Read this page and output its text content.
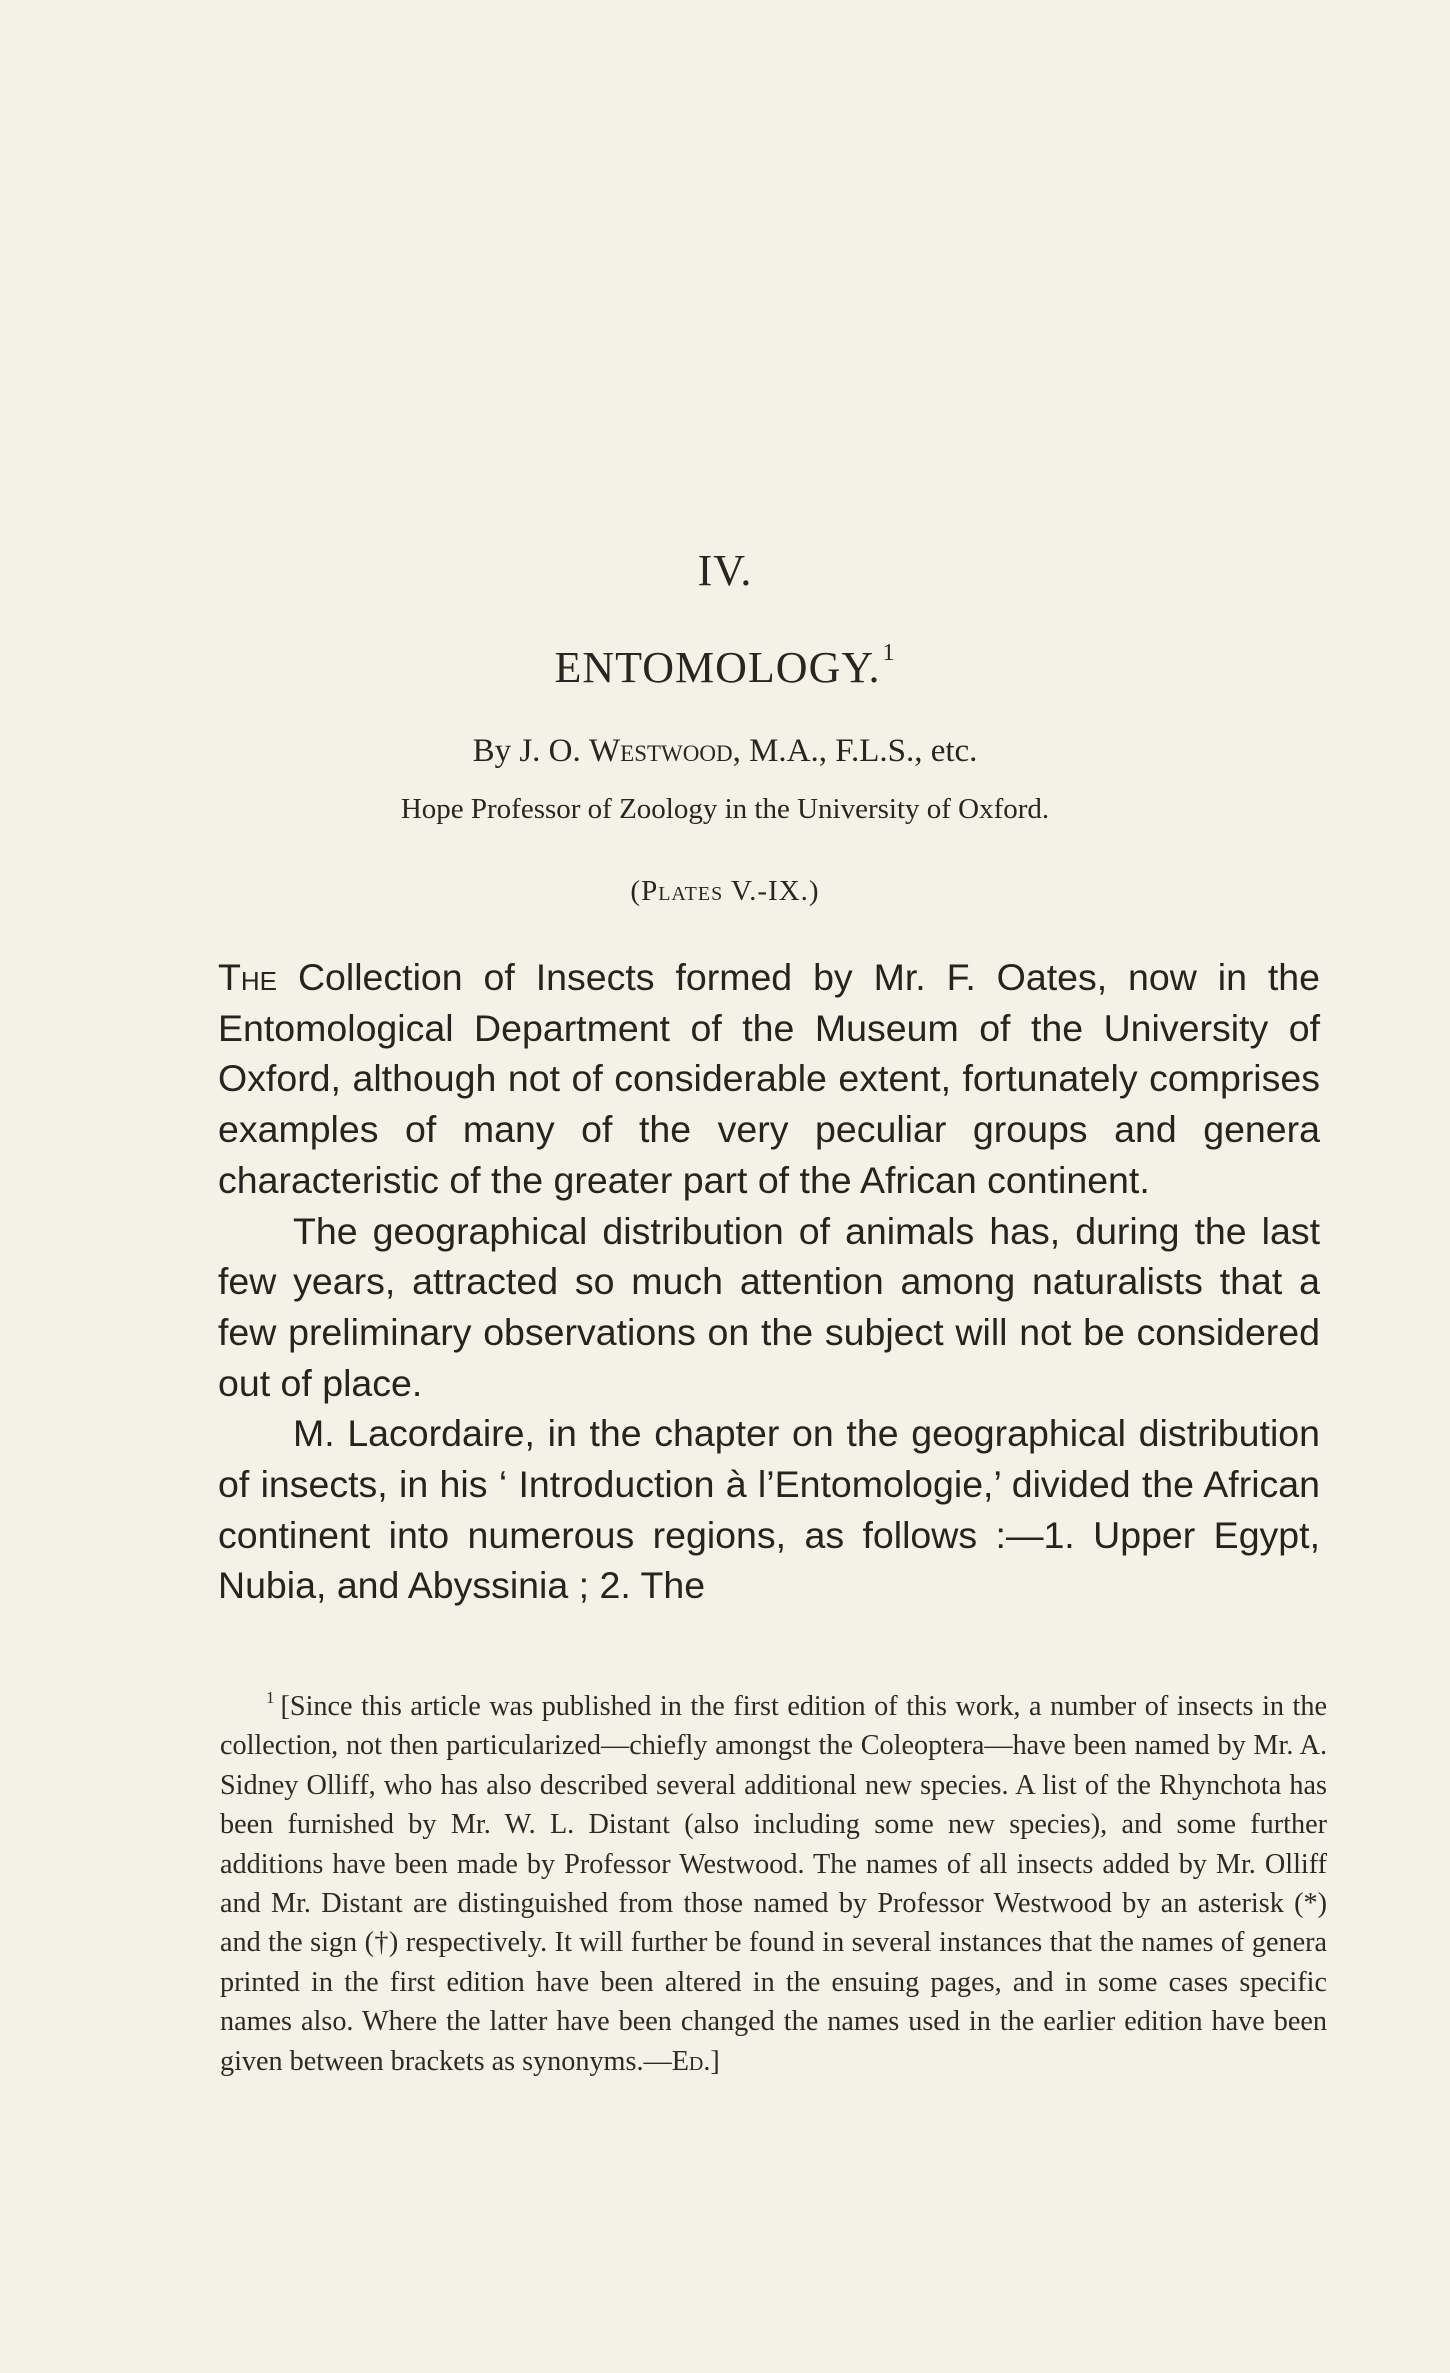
IV.
ENTOMOLOGY.$^1$
By J. O. Westwood, M.A., F.L.S., etc.
Hope Professor of Zoology in the University of Oxford.
(Plates V.-IX.)

The Collection of Insects formed by Mr. F. Oates, now in the Entomological Department of the Museum of the University of Oxford, although not of considerable extent, fortunately comprises examples of many of the very peculiar groups and genera characteristic of the greater part of the African continent.

The geographical distribution of animals has, during the last few years, attracted so much attention among naturalists that a few preliminary observations on the subject will not be considered out of place.

M. Lacordaire, in the chapter on the geographical distribution of insects, in his ‘ Introduction à l’Entomologie,’ divided the African continent into numerous regions, as follows :—1. Upper Egypt, Nubia, and Abyssinia ; 2. The

$^1$ [Since this article was published in the first edition of this work, a number of insects in the collection, not then particularized—chiefly amongst the Coleoptera—have been named by Mr. A. Sidney Olliff, who has also described several additional new species. A list of the Rhynchota has been furnished by Mr. W. L. Distant (also including some new species), and some further additions have been made by Professor Westwood. The names of all insects added by Mr. Olliff and Mr. Distant are distinguished from those named by Professor Westwood by an asterisk (*) and the sign (†) respectively. It will further be found in several instances that the names of genera printed in the first edition have been altered in the ensuing pages, and in some cases specific names also. Where the latter have been changed the names used in the earlier edition have been given between brackets as synonyms.—Ed.]
